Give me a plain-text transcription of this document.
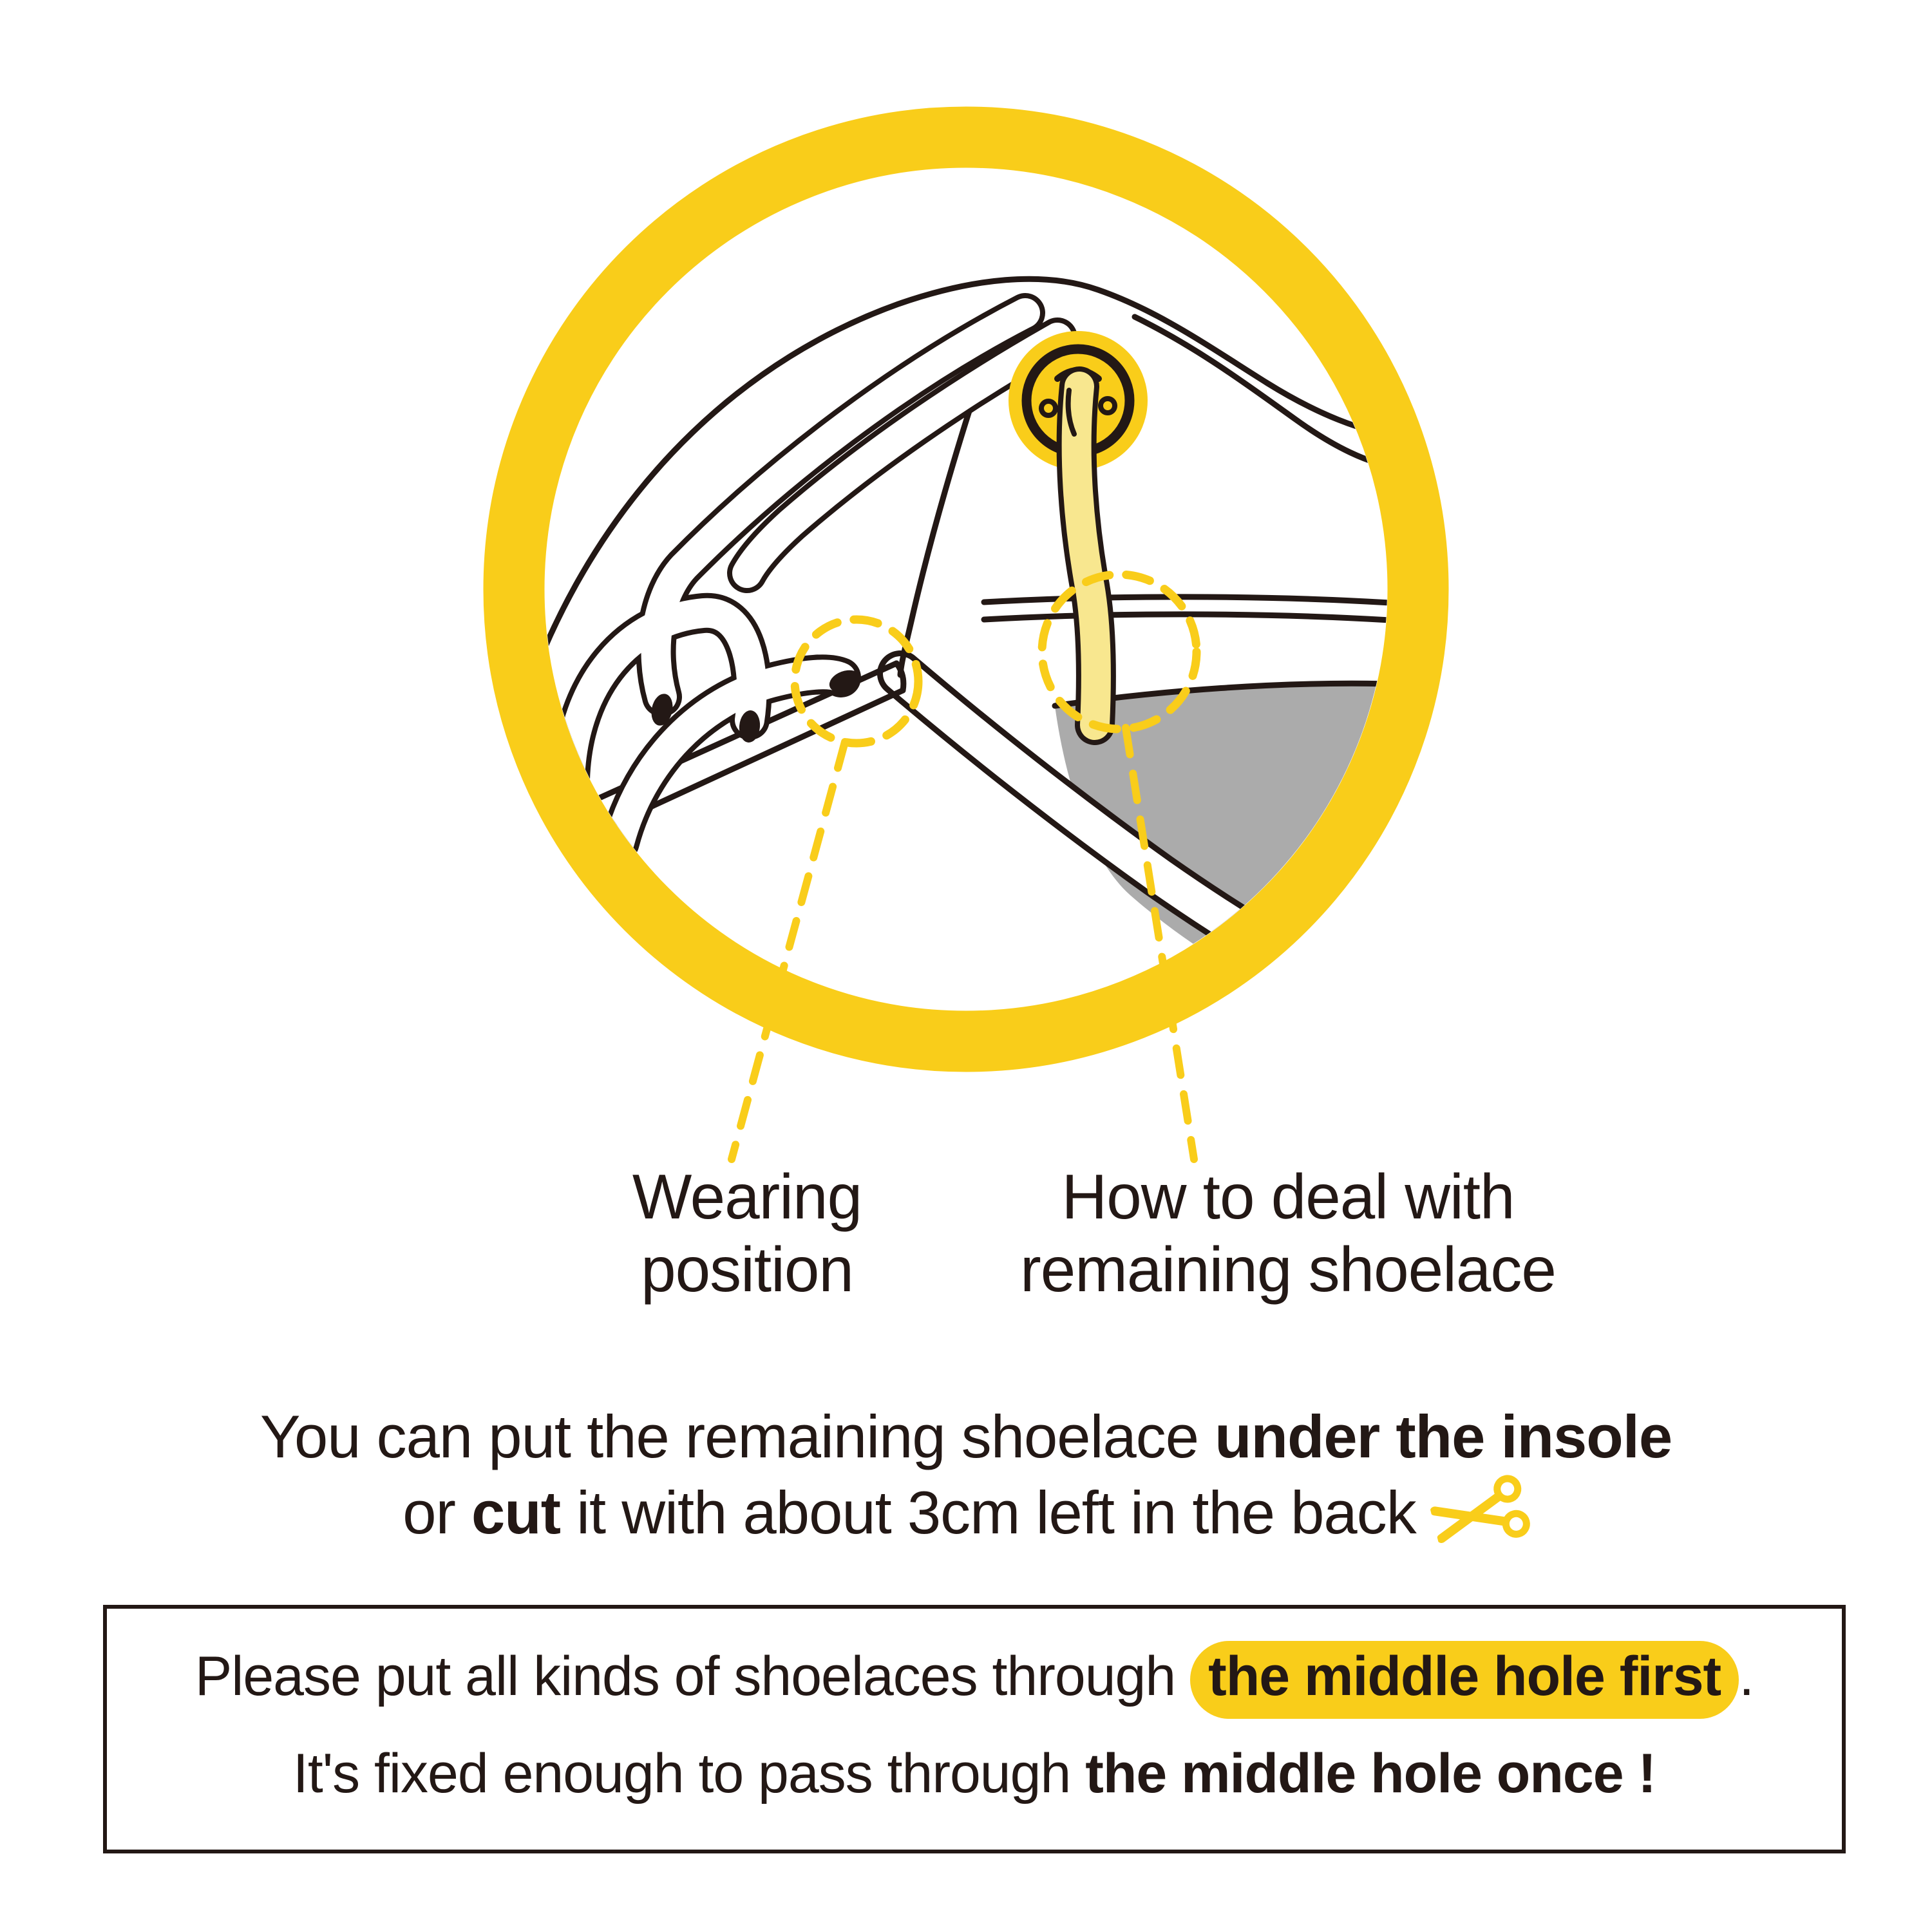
Wearing
position
How to deal with
remaining shoelace
You can put the remaining shoelace under the insole
or cut it with about 3cm left in the back
Please put all kinds of shoelaces through the middle hole first .
It's fixed enough to pass through the middle hole once !
